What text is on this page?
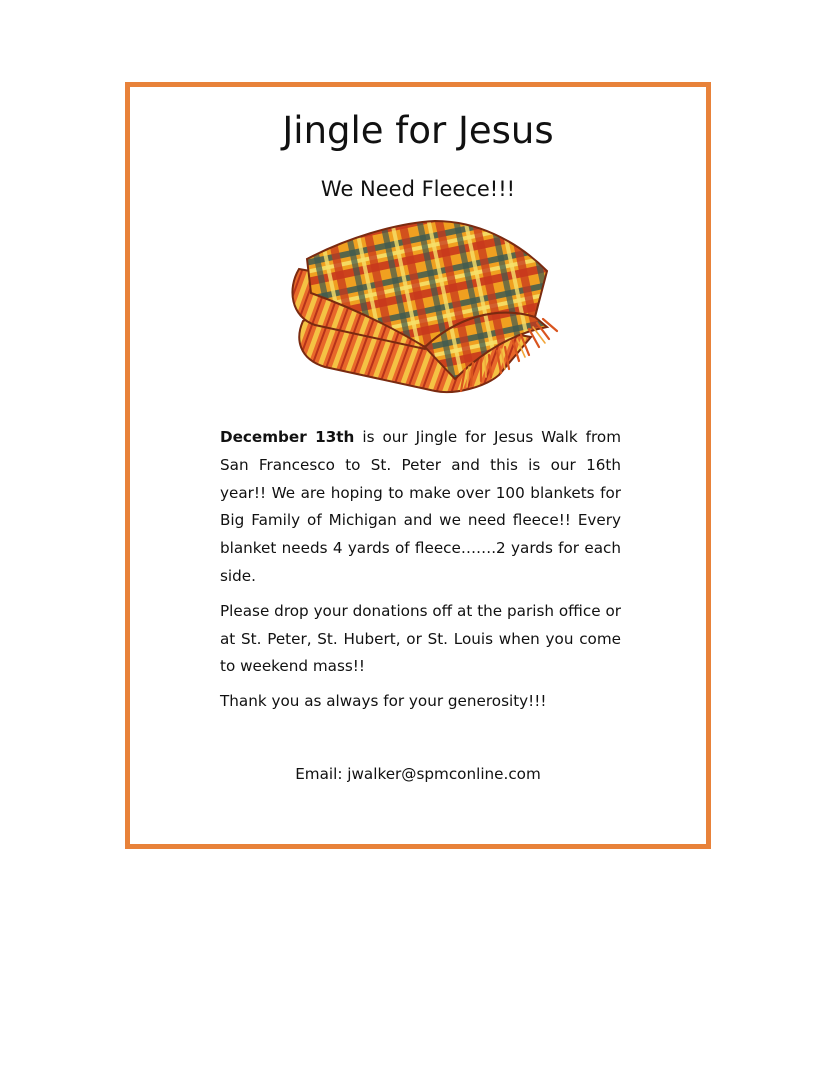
Jingle for Jesus
We Need Fleece!!!

December 13th is our Jingle for Jesus Walk from San Francesco to St. Peter and this is our 16th year!! We are hoping to make over 100 blankets for Big Family of Michigan and we need fleece!! Every blanket needs 4 yards of fleece…….2 yards for each side.

Please drop your donations off at the parish office or at St. Peter, St. Hubert, or St. Louis when you come to weekend mass!!

Thank you as always for your generosity!!!

Email: jwalker@spmconline.com
